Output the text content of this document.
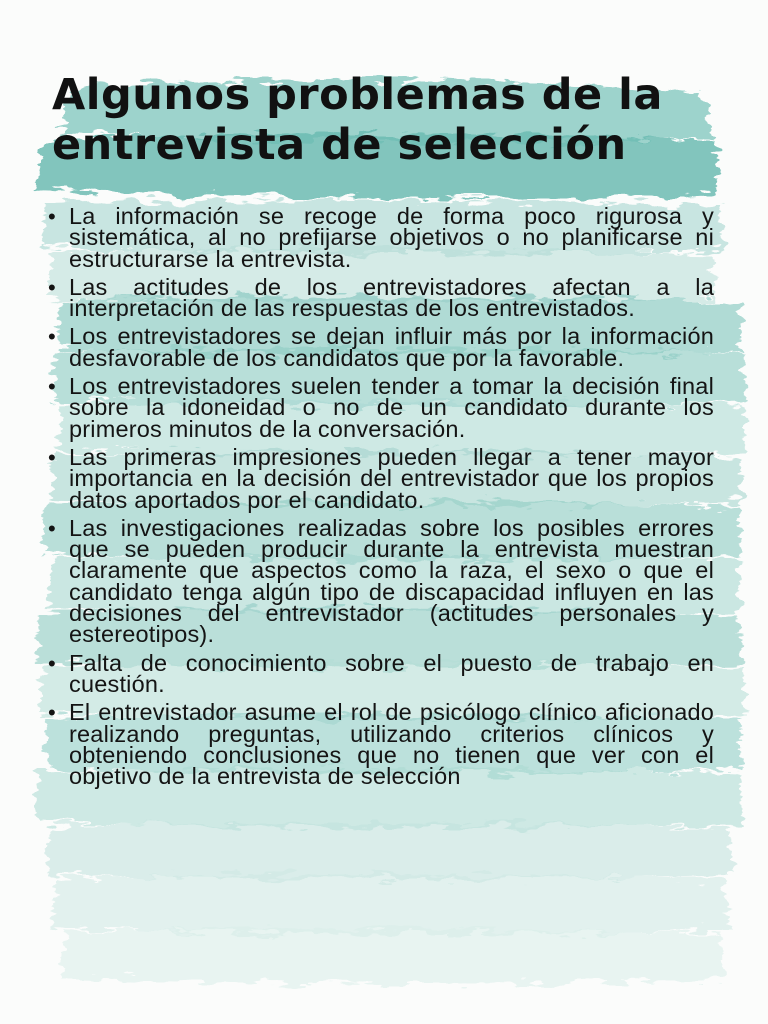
Algunos problemas de la
entrevista de selección
• La información se recoge de forma poco rigurosa y sistemática, al no prefijarse objetivos o no planificarse ni estructurarse la entrevista.
• Las actitudes de los entrevistadores afectan a la interpretación de las respuestas de los entrevistados.
• Los entrevistadores se dejan influir más por la información desfavorable de los candidatos que por la favorable.
• Los entrevistadores suelen tender a tomar la decisión final sobre la idoneidad o no de un candidato durante los primeros minutos de la conversación.
• Las primeras impresiones pueden llegar a tener mayor importancia en la decisión del entrevistador que los propios datos aportados por el candidato.
• Las investigaciones realizadas sobre los posibles errores que se pueden producir durante la entrevista muestran claramente que aspectos como la raza, el sexo o que el candidato tenga algún tipo de discapacidad influyen en las decisiones del entrevistador (actitudes personales y estereotipos).
• Falta de conocimiento sobre el puesto de trabajo en cuestión.
• El entrevistador asume el rol de psicólogo clínico aficionado realizando preguntas, utilizando criterios clínicos y obteniendo conclusiones que no tienen que ver con el objetivo de la entrevista de selección
